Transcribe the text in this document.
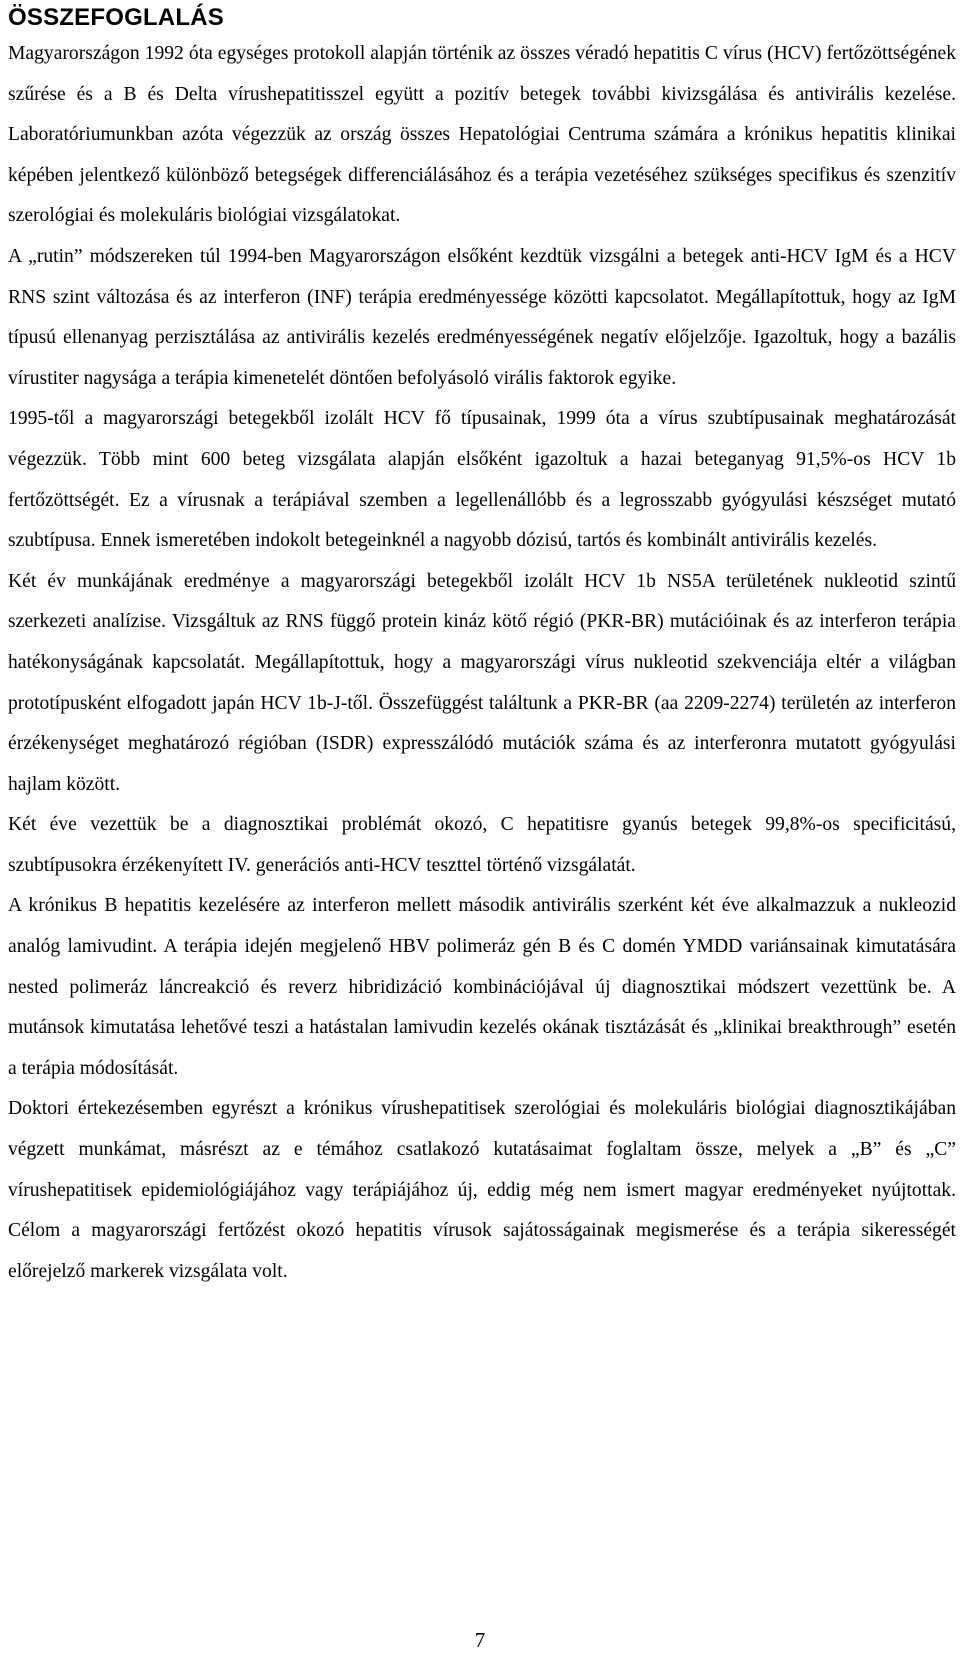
ÖSSZEFOGLALÁS

Magyarországon 1992 óta egységes protokoll alapján történik az összes véradó hepatitis C vírus (HCV) fertőzöttségének szűrése és a B és Delta vírushepatitisszel együtt a pozitív betegek további kivizsgálása és antivirális kezelése. Laboratóriumunkban azóta végezzük az ország összes Hepatológiai Centruma számára a krónikus hepatitis klinikai képében jelentkező különböző betegségek differenciálásához és a terápia vezetéséhez szükséges specifikus és szenzitív szerológiai és molekuláris biológiai vizsgálatokat.

A „rutin” módszereken túl 1994-ben Magyarországon elsőként kezdtük vizsgálni a betegek anti-HCV IgM és a HCV RNS szint változása és az interferon (INF) terápia eredményessége közötti kapcsolatot. Megállapítottuk, hogy az IgM típusú ellenanyag perzisztálása az antivirális kezelés eredményességének negatív előjelzője. Igazoltuk, hogy a bazális vírustiter nagysága a terápia kimenetelét döntően befolyásoló virális faktorok egyike.

1995-től a magyarországi betegekből izolált HCV fő típusainak, 1999 óta a vírus szubtípusainak meghatározását végezzük. Több mint 600 beteg vizsgálata alapján elsőként igazoltuk a hazai beteganyag 91,5%-os HCV 1b fertőzöttségét. Ez a vírusnak a terápiával szemben a legellenállóbb és a legrosszabb gyógyulási készséget mutató szubtípusa. Ennek ismeretében indokolt betegeinknél a nagyobb dózisú, tartós és kombinált antivirális kezelés.

Két év munkájának eredménye a magyarországi betegekből izolált HCV 1b NS5A területének nukleotid szintű szerkezeti analízise. Vizsgáltuk az RNS függő protein kináz kötő régió (PKR-BR) mutációinak és az interferon terápia hatékonyságának kapcsolatát. Megállapítottuk, hogy a magyarországi vírus nukleotid szekvenciája eltér a világban prototípusként elfogadott japán HCV 1b-J-től. Összefüggést találtunk a PKR-BR (aa 2209-2274) területén az interferon érzékenységet meghatározó régióban (ISDR) expresszálódó mutációk száma és az interferonra mutatott gyógyulási hajlam között.

Két éve vezettük be a diagnosztikai problémát okozó, C hepatitisre gyanús betegek 99,8%-os specificitású, szubtípusokra érzékenyített IV. generációs anti-HCV teszttel történő vizsgálatát.

A krónikus B hepatitis kezelésére az interferon mellett második antivirális szerként két éve alkalmazzuk a nukleozid analóg lamivudint. A terápia idején megjelenő HBV polimeráz gén B és C domén YMDD variánsainak kimutatására nested polimeráz láncreakció és reverz hibridizáció kombinációjával új diagnosztikai módszert vezettünk be. A mutánsok kimutatása lehetővé teszi a hatástalan lamivudin kezelés okának tisztázását és „klinikai breakthrough” esetén a terápia módosítását.

Doktori értekezésemben egyrészt a krónikus vírushepatitisek szerológiai és molekuláris biológiai diagnosztikájában végzett munkámat, másrészt az e témához csatlakozó kutatásaimat foglaltam össze, melyek a „B” és „C” vírushepatitisek epidemiológiájához vagy terápiájához új, eddig még nem ismert magyar eredményeket nyújtottak. Célom a magyarországi fertőzést okozó hepatitis vírusok sajátosságainak megismerése és a terápia sikerességét előrejelző markerek vizsgálata volt.

7
